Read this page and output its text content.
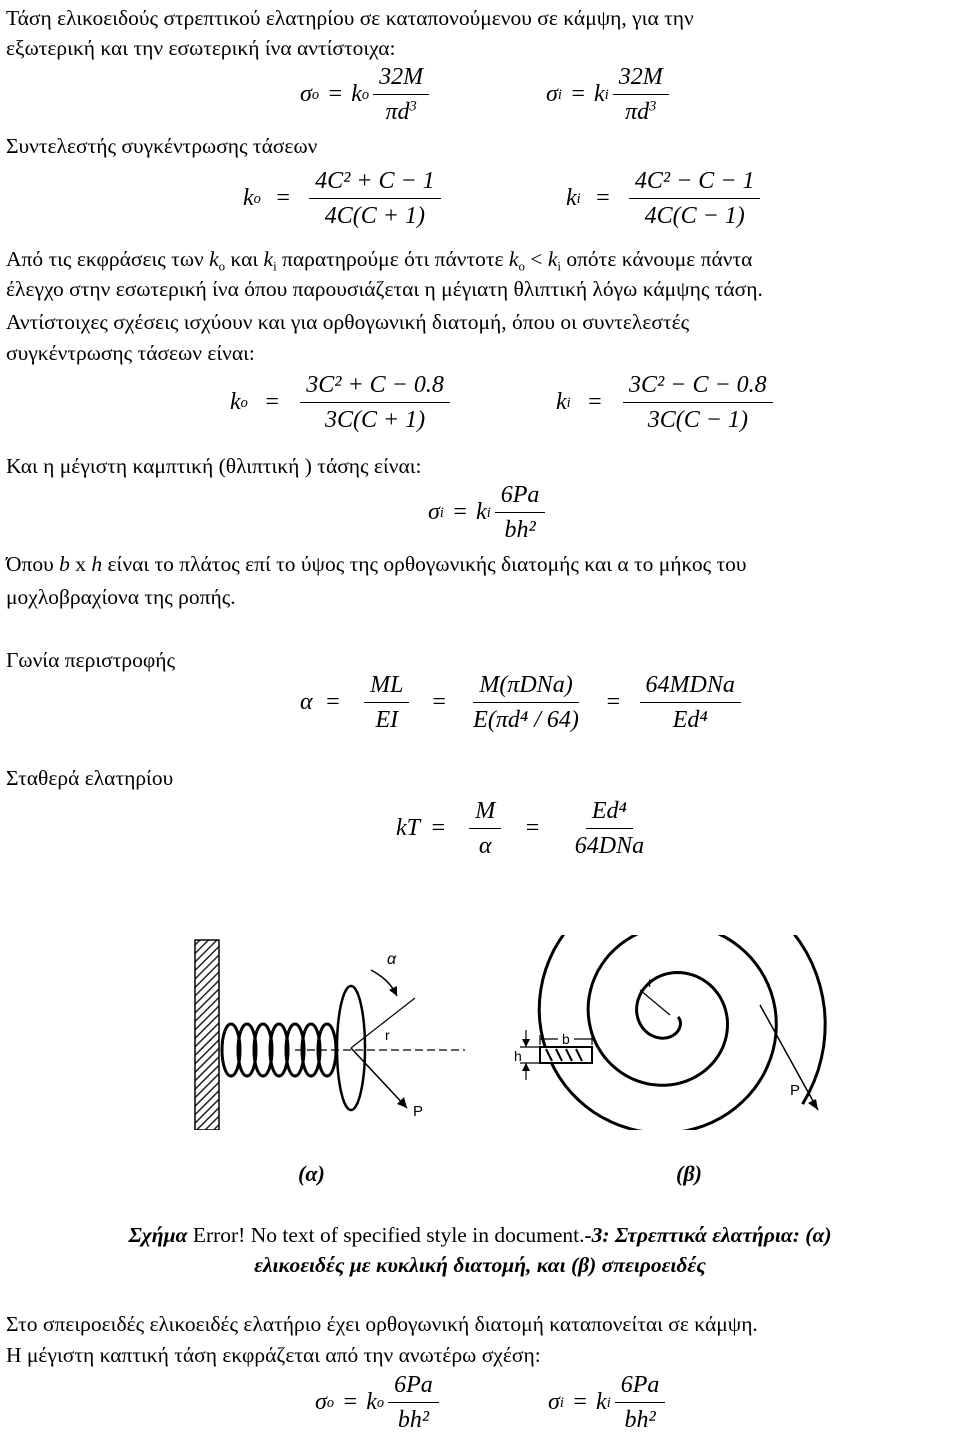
Τάση ελικοειδούς στρεπτικού ελατηρίου σε καταπονούμενου σε κάμψη, για την
εξωτερική και την εσωτερική ίνα αντίστοιχα:
σ o = k o $\frac{32M}{\pi d^3}$	σ i = k i $\frac{32M}{\pi d^3}$
Συντελεστής συγκέντρωσης τάσεων
k $o = \frac{\text{4C² + C − 1}}{4C(C + 1)}$	k $i = \frac{\text{4C² − C − 1}}{4C(C - 1)}$
Από τις εκφράσεις των $k_o$ και $k_i$ παρατηρούμε ότι πάντοτε $k_o < k_i$ οπότε κάνουμε πάντα
έλεγχο στην εσωτερική ίνα όπου παρουσιάζεται η μέγιατη θλιπτική λόγω κάμψης τάση.
Αντίστοιχες σχέσεις ισχύουν και για ορθογωνική διατομή, όπου οι συντελεστές
συγκέντρωσης τάσεων είναι:
k $o = \frac{\text{3C² + C − 0.8}}{3C(C + 1)}$	k $i = \frac{\text{3C² − C − 0.8}}{3C(C - 1)}$
Και η μέγιστη καμπτική (θλιπτική ) τάσης είναι:
σ i = k i $\frac{6Pa}{\text{bh²}}$
Όπου b x h είναι το πλάτος επί το ύψος της ορθογωνικής διατομής και α το μήκος του
μοχλοβραχίονα της ροπής.
Γωνία περιστροφής
$\alpha = \frac{ML}{EI} = \frac{\text{M(πDNa)}}{\text{E(πd⁴ / 64)}} = \frac{\text{64MDNa}}{\text{Ed⁴}}$
Σταθερά ελατηρίου
kT = $\frac{M}{\alpha} = \frac{\text{Ed⁴}}{\text{64DNa}}$
α
r
P
h
b
r
P
(α)	(β)
Σχήμα Error! No text of specified style in document.-3: Στρεπτικά ελατήρια: (α)
ελικοειδές με κυκλική διατομή, και (β) σπειροειδές
Στο σπειροειδές ελικοειδές ελατήριο έχει ορθογωνική διατομή καταπονείται σε κάμψη.
Η μέγιστη καπτική τάση εκφράζεται από την ανωτέρω σχέση:
σ o = k o $\frac{6Pa}{\text{bh²}}$	σ i = k i $\frac{6Pa}{\text{bh²}}$
